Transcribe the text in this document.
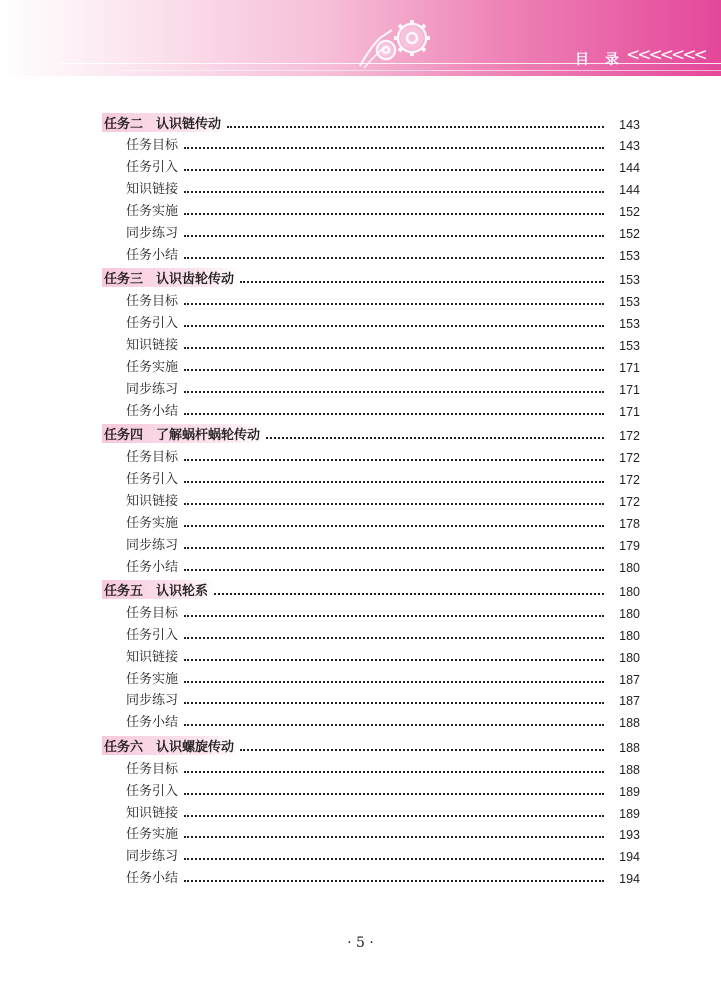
目　录 <<<<<<<
任务二　认识链传动	143
任务目标	143
任务引入	144
知识链接	144
任务实施	152
同步练习	152
任务小结	153
任务三　认识齿轮传动	153
任务目标	153
任务引入	153
知识链接	153
任务实施	171
同步练习	171
任务小结	171
任务四　了解蜗杆蜗轮传动	172
任务目标	172
任务引入	172
知识链接	172
任务实施	178
同步练习	179
任务小结	180
任务五　认识轮系	180
任务目标	180
任务引入	180
知识链接	180
任务实施	187
同步练习	187
任务小结	188
任务六　认识螺旋传动	188
任务目标	188
任务引入	189
知识链接	189
任务实施	193
同步练习	194
任务小结	194
· 5 ·
